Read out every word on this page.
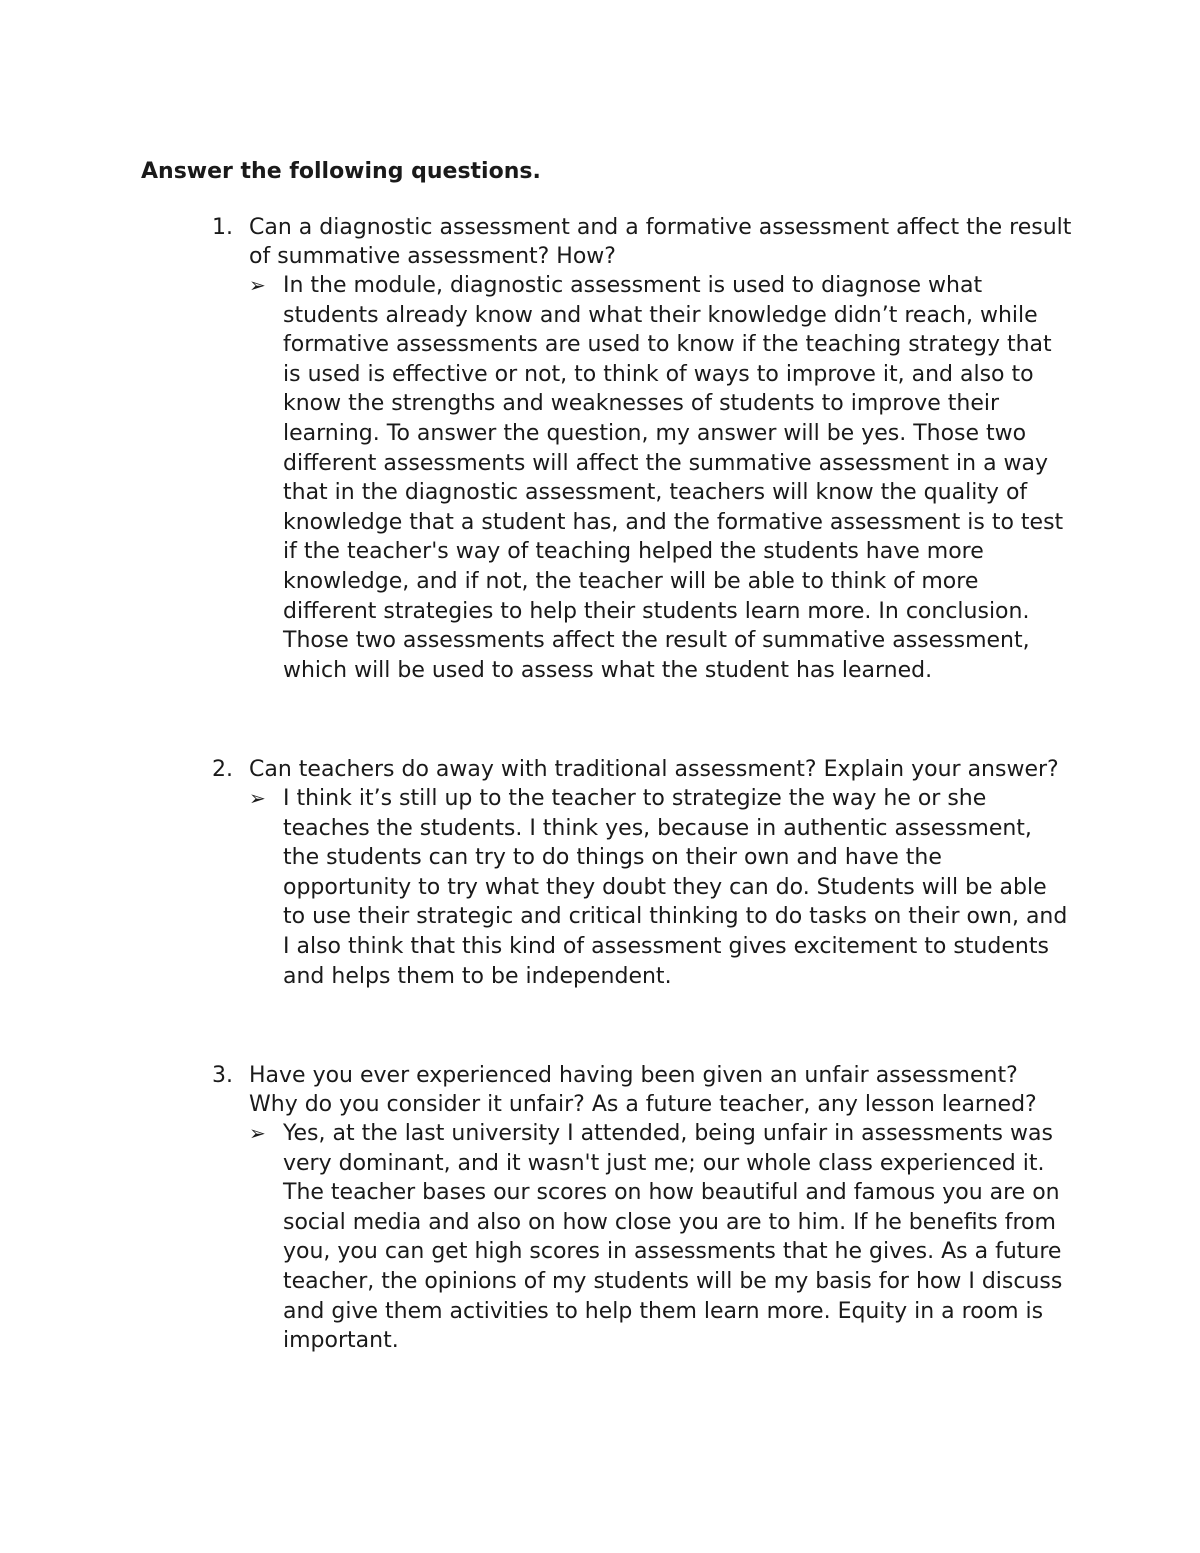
Answer the following questions.
1. Can a diagnostic assessment and a formative assessment affect the result of summative assessment? How?
➢ In the module, diagnostic assessment is used to diagnose what students already know and what their knowledge didn’t reach, while formative assessments are used to know if the teaching strategy that is used is effective or not, to think of ways to improve it, and also to know the strengths and weaknesses of students to improve their learning. To answer the question, my answer will be yes. Those two different assessments will affect the summative assessment in a way that in the diagnostic assessment, teachers will know the quality of knowledge that a student has, and the formative assessment is to test if the teacher's way of teaching helped the students have more knowledge, and if not, the teacher will be able to think of more different strategies to help their students learn more. In conclusion. Those two assessments affect the result of summative assessment, which will be used to assess what the student has learned.
2. Can teachers do away with traditional assessment? Explain your answer?
➢ I think it’s still up to the teacher to strategize the way he or she teaches the students. I think yes, because in authentic assessment, the students can try to do things on their own and have the opportunity to try what they doubt they can do. Students will be able to use their strategic and critical thinking to do tasks on their own, and I also think that this kind of assessment gives excitement to students and helps them to be independent.
3. Have you ever experienced having been given an unfair assessment? Why do you consider it unfair? As a future teacher, any lesson learned?
➢ Yes, at the last university I attended, being unfair in assessments was very dominant, and it wasn't just me; our whole class experienced it. The teacher bases our scores on how beautiful and famous you are on social media and also on how close you are to him. If he benefits from you, you can get high scores in assessments that he gives. As a future teacher, the opinions of my students will be my basis for how I discuss and give them activities to help them learn more. Equity in a room is important.
